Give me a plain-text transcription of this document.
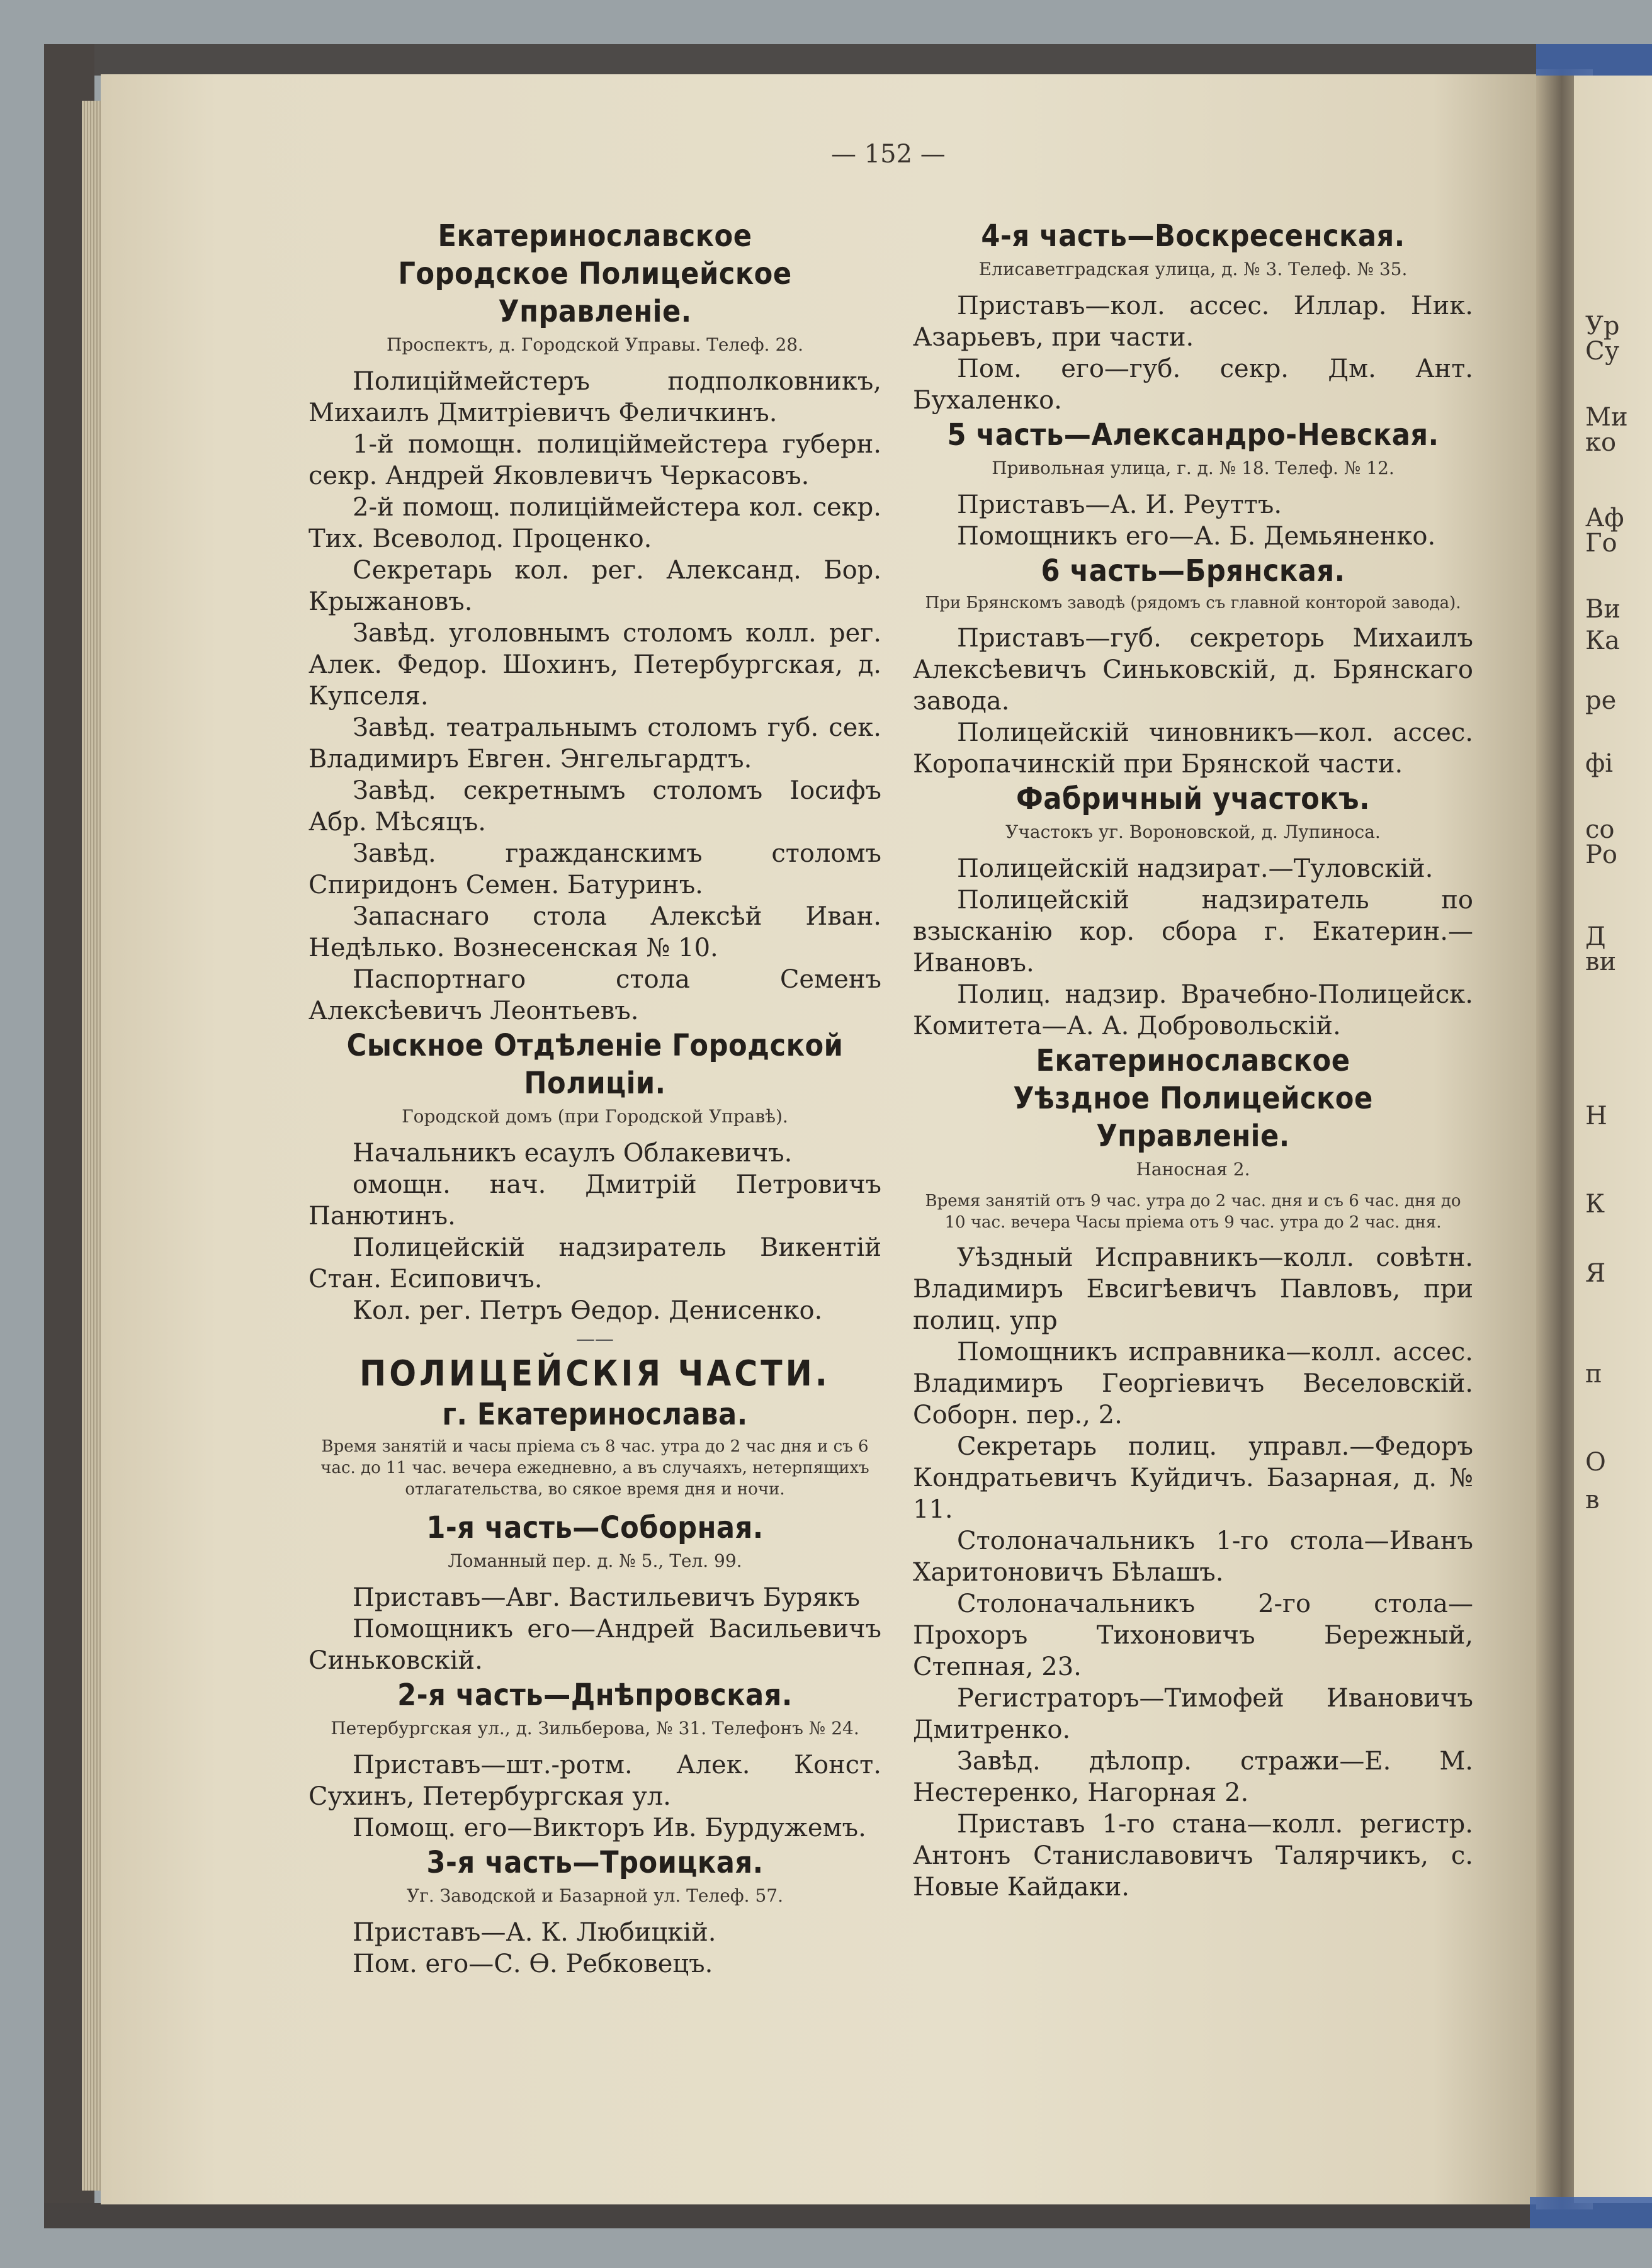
Ур
Су
Ми
ко
Аф
Го
Ви
Ка
ре
фі
со
Ро
Д
ви
Н
К
Я
п
О
в
— 152 —
Екатеринославское
Городское Полицейское Управленіе.
Проспектъ, д. Городской Управы. Телеф. 28.

Полиціймейстеръ подполковникъ, Михаилъ Дмитріевичъ Феличкинъ.

1-й помощн. полиціймейстера губерн. секр. Андрей Яковлевичъ Черкасовъ.

2-й помощ. полиціймейстера кол. секр. Тих. Всеволод. Проценко.

Секретарь кол. рег. Александ. Бор. Крыжановъ.

Завѣд. уголовнымъ столомъ колл. рег. Алек. Федор. Шохинъ, Петербургская, д. Купселя.

Завѣд. театральнымъ столомъ губ. сек. Владимиръ Евген. Энгельгардтъ.

Завѣд. секретнымъ столомъ Іосифъ Абр. Мѣсяцъ.

Завѣд. гражданскимъ столомъ Спиридонъ Семен. Батуринъ.

Запаснаго стола Алексѣй Иван. Недѣлько. Вознесенская № 10.

Паспортнаго стола Семенъ Алексѣевичъ Леонтьевъ.

Сыскное Отдѣленіе Городской Полиціи.
Городской домъ (при Городской Управѣ).

Начальникъ есаулъ Облакевичъ.

омощн. нач. Дмитрій Петровичъ Панютинъ.

Полицейскій надзиратель Викентій Стан. Есиповичъ.

Кол. рег. Петръ Өедор. Денисенко.

——
ПОЛИЦЕЙСКІЯ ЧАСТИ.
г. Екатеринослава.
Время занятій и часы пріема съ 8 час. утра до 2 час дня и съ 6 час. до 11 час. вечера ежедневно, а въ случаяхъ, нетерпящихъ отлагательства, во сякое время дня и ночи.
1-я часть—Соборная.
Ломанный пер. д. № 5., Тел. 99.

Приставъ—Авг. Вастильевичъ Бурякъ

Помощникъ его—Андрей Васильевичъ Синьковскій.

2-я часть—Днѣпровская.
Петербургская ул., д. Зильберова, № 31. Телефонъ № 24.

Приставъ—шт.-ротм. Алек. Конст. Сухинъ, Петербургская ул.

Помощ. его—Викторъ Ив. Бурдужемъ.

3-я часть—Троицкая.
Уг. Заводской и Базарной ул. Телеф. 57.

Приставъ—А. К. Любицкій.

Пом. его—С. Ө. Ребковецъ.

4-я часть—Воскресенская.
Елисаветградская улица, д. № 3. Телеф. № 35.

Приставъ—кол. ассес. Иллар. Ник. Азарьевъ, при части.

Пом. его—губ. секр. Дм. Ант. Бухаленко.

5 часть—Александро-Невская.
Привольная улица, г. д. № 18. Телеф. № 12.

Приставъ—А. И. Реуттъ.

Помощникъ его—А. Б. Демьяненко.

6 часть—Брянская.
При Брянскомъ заводѣ (рядомъ съ главной конторой завода).

Приставъ—губ. секреторь Михаилъ Алексѣевичъ Синьковскій, д. Брянскаго завода.

Полицейскій чиновникъ—кол. ассес. Коропачинскій при Брянской части.

Фабричный участокъ.
Участокъ уг. Вороновской, д. Лупиноса.

Полицейскій надзират.—Туловскій.

Полицейскій надзиратель по взысканію кор. сбора г. Екатерин.—Ивановъ.

Полиц. надзир. Врачебно-Полицейск. Комитета—А. А. Добровольскій.

Екатеринославское
Уѣздное Полицейское Управленіе.
Наносная 2.
Время занятій отъ 9 час. утра до 2 час. дня и съ 6 час. дня до 10 час. вечера Часы пріема отъ 9 час. утра до 2 час. дня.

Уѣздный Исправникъ—колл. совѣтн. Владимиръ Евсигѣевичъ Павловъ, при полиц. упр

Помощникъ исправника—колл. ассес. Владимиръ Георгіевичъ Веселовскій. Соборн. пер., 2.

Секретарь полиц. управл.—Федоръ Кондратьевичъ Куйдичъ. Базарная, д. № 11.

Столоначальникъ 1-го стола—Иванъ Харитоновичъ Бѣлашъ.

Столоначальникъ 2-го стола—Прохоръ Тихоновичъ Бережный, Степная, 23.

Регистраторъ—Тимофей Ивановичъ Дмитренко.

Завѣд. дѣлопр. стражи—Е. М. Нестеренко, Нагорная 2.

Приставъ 1-го стана—колл. регистр. Антонъ Станиславовичъ Талярчикъ, с. Новые Кайдаки.
